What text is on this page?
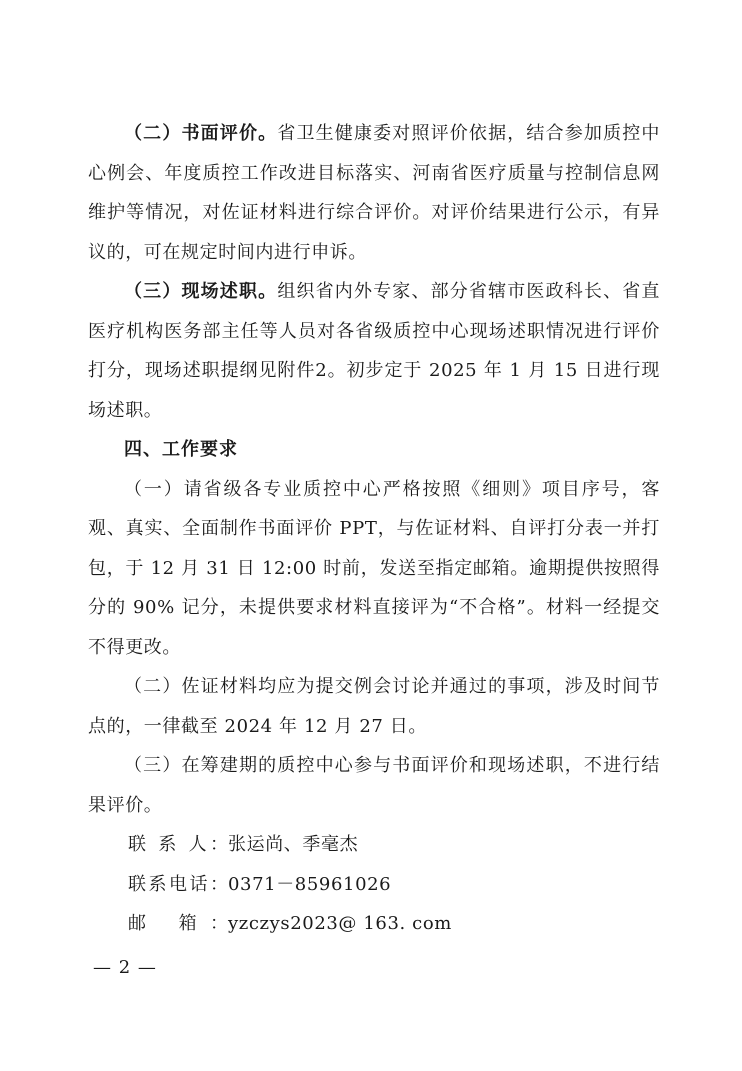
（二）书面评价。省卫生健康委对照评价依据，结合参加质控中心例会、年度质控工作改进目标落实、河南省医疗质量与控制信息网维护等情况，对佐证材料进行综合评价。对评价结果进行公示，有异议的，可在规定时间内进行申诉。

（三）现场述职。组织省内外专家、部分省辖市医政科长、省直医疗机构医务部主任等人员对各省级质控中心现场述职情况进行评价打分，现场述职提纲见附件2。初步定于 2025 年 1 月 15 日进行现场述职。

四、工作要求

（一）请省级各专业质控中心严格按照《细则》项目序号，客观、真实、全面制作书面评价 PPT，与佐证材料、自评打分表一并打包，于 12 月 31 日 12:00 时前，发送至指定邮箱。逾期提供按照得分的 90% 记分，未提供要求材料直接评为“不合格”。材料一经提交不得更改。

（二）佐证材料均应为提交例会讨论并通过的事项，涉及时间节点的，一律截至 2024 年 12 月 27 日。

（三）在筹建期的质控中心参与书面评价和现场述职，不进行结果评价。

联 系 人：张运尚、季毫杰

联系电话：0371－85961026

邮 箱：yzczys2023@ 163. com

— 2 —
